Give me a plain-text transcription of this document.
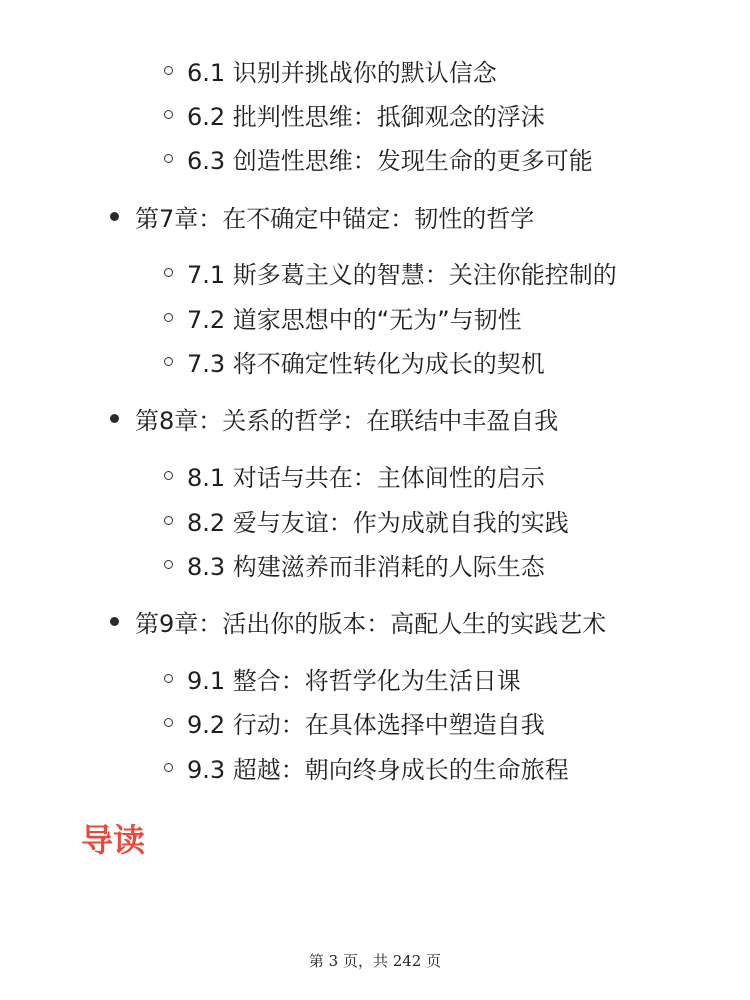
6.1 识别并挑战你的默认信念
6.2 批判性思维：抵御观念的浮沫
6.3 创造性思维：发现生命的更多可能
第7章：在不确定中锚定：韧性的哲学
7.1 斯多葛主义的智慧：关注你能控制的
7.2 道家思想中的“无为”与韧性
7.3 将不确定性转化为成长的契机
第8章：关系的哲学：在联结中丰盈自我
8.1 对话与共在：主体间性的启示
8.2 爱与友谊：作为成就自我的实践
8.3 构建滋养而非消耗的人际生态
第9章：活出你的版本：高配人生的实践艺术
9.1 整合：将哲学化为生活日课
9.2 行动：在具体选择中塑造自我
9.3 超越：朝向终身成长的生命旅程
导读
第 3 页，共 242 页
